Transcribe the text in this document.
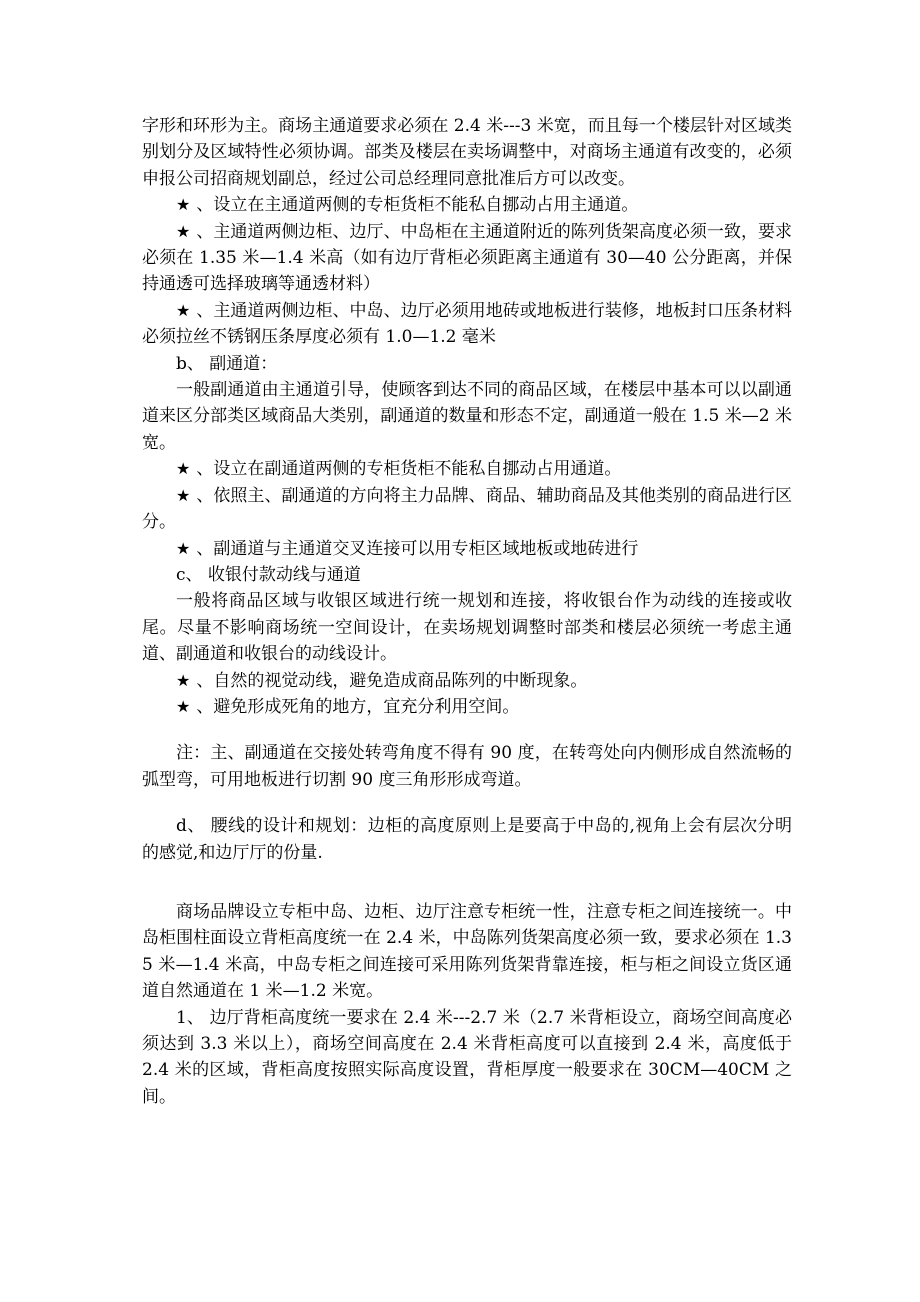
字形和环形为主。商场主通道要求必须在 2.4 米---3 米宽，而且每一个楼层针对区域类别划分及区域特性必须协调。部类及楼层在卖场调整中，对商场主通道有改变的，必须申报公司招商规划副总，经过公司总经理同意批准后方可以改变。

★ 、设立在主通道两侧的专柜货柜不能私自挪动占用主通道。

★ 、主通道两侧边柜、边厅、中岛柜在主通道附近的陈列货架高度必须一致，要求必须在 1.35 米—1.4 米高（如有边厅背柜必须距离主通道有 30—40 公分距离，并保持通透可选择玻璃等通透材料）

★ 、主通道两侧边柜、中岛、边厅必须用地砖或地板进行装修，地板封口压条材料必须拉丝不锈钢压条厚度必须有 1.0—1.2 毫米

b、 副通道：

一般副通道由主通道引导，使顾客到达不同的商品区域，在楼层中基本可以以副通道来区分部类区域商品大类别，副通道的数量和形态不定，副通道一般在 1.5 米—2 米宽。

★ 、设立在副通道两侧的专柜货柜不能私自挪动占用通道。

★ 、依照主、副通道的方向将主力品牌、商品、辅助商品及其他类别的商品进行区分。

★ 、副通道与主通道交叉连接可以用专柜区域地板或地砖进行

c、 收银付款动线与通道

一般将商品区域与收银区域进行统一规划和连接，将收银台作为动线的连接或收尾。尽量不影响商场统一空间设计，在卖场规划调整时部类和楼层必须统一考虑主通道、副通道和收银台的动线设计。

★ 、自然的视觉动线，避免造成商品陈列的中断现象。

★ 、避免形成死角的地方，宜充分利用空间。

注：主、副通道在交接处转弯角度不得有 90 度，在转弯处向内侧形成自然流畅的弧型弯，可用地板进行切割 90 度三角形形成弯道。

d、 腰线的设计和规划：边柜的高度原则上是要高于中岛的,视角上会有层次分明的感觉,和边厅厅的份量.

商场品牌设立专柜中岛、边柜、边厅注意专柜统一性，注意专柜之间连接统一。中岛柜围柱面设立背柜高度统一在 2.4 米，中岛陈列货架高度必须一致，要求必须在 1.35 米—1.4 米高，中岛专柜之间连接可采用陈列货架背靠连接，柜与柜之间设立货区通道自然通道在 1 米—1.2 米宽。

1、 边厅背柜高度统一要求在 2.4 米---2.7 米（2.7 米背柜设立，商场空间高度必须达到 3.3 米以上），商场空间高度在 2.4 米背柜高度可以直接到 2.4 米，高度低于 2.4 米的区域，背柜高度按照实际高度设置，背柜厚度一般要求在 30CM—40CM 之间。
